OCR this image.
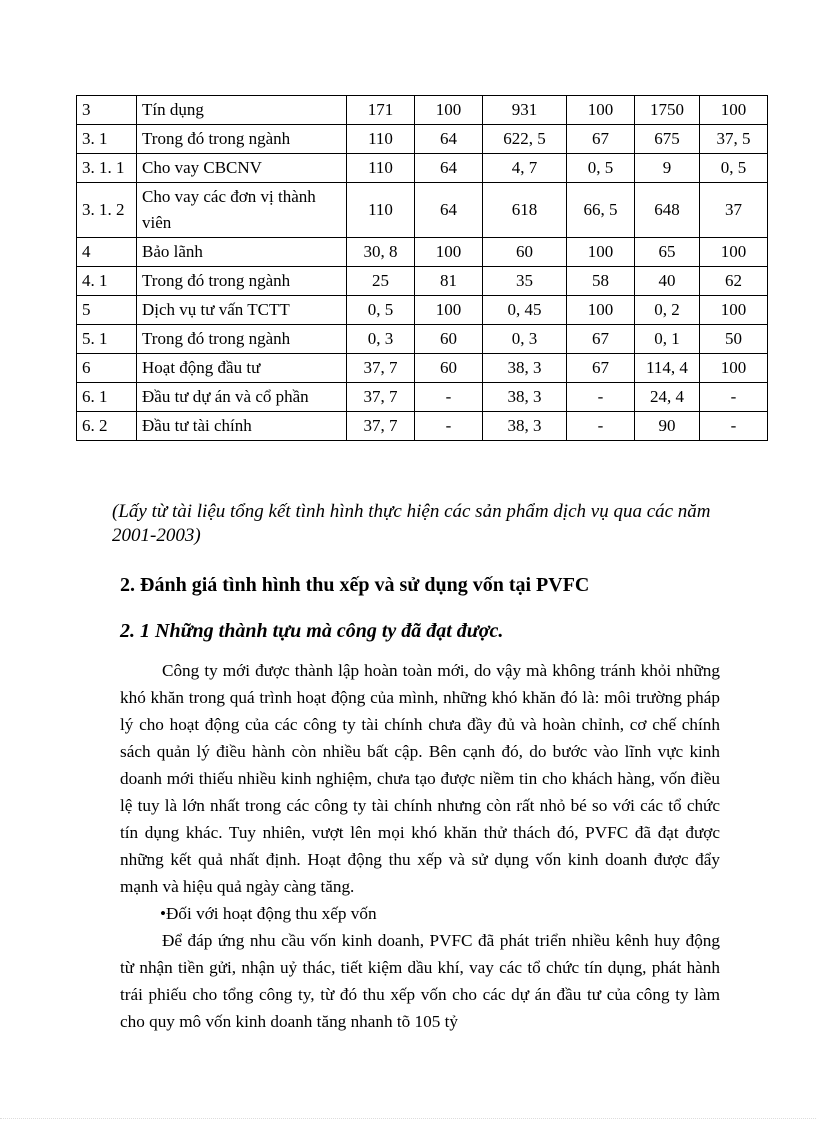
3	Tín dụng	171	100	931	100	1750	100
3. 1	Trong đó trong ngành	110	64	622, 5	67	675	37, 5
3. 1. 1	Cho vay CBCNV	110	64	4, 7	0, 5	9	0, 5
3. 1. 2	Cho vay các đơn vị thành viên	110	64	618	66, 5	648	37
4	Bảo lãnh	30, 8	100	60	100	65	100
4. 1	Trong đó trong ngành	25	81	35	58	40	62
5	Dịch vụ tư vấn TCTT	0, 5	100	0, 45	100	0, 2	100
5. 1	Trong đó trong ngành	0, 3	60	0, 3	67	0, 1	50
6	Hoạt động đầu tư	37, 7	60	38, 3	67	114, 4	100
6. 1	Đầu tư dự án và cổ phần	37, 7	-	38, 3	-	24, 4	-
6. 2	Đầu tư tài chính	37, 7	-	38, 3	-	90	-
(Lấy từ tài liệu tổng kết tình hình thực hiện các sản phẩm dịch vụ qua các năm 2001-2003)
2. Đánh giá tình hình thu xếp và sử dụng vốn tại PVFC
2. 1 Những thành tựu mà công ty đã đạt được.

Công ty mới được thành lập hoàn toàn mới, do vậy mà không tránh khỏi những khó khăn trong quá trình hoạt động của mình, những khó khăn đó là: môi trường pháp lý cho hoạt động của các công ty tài chính chưa đầy đủ và hoàn chỉnh, cơ chế chính sách quản lý điều hành còn nhiều bất cập. Bên cạnh đó, do bước vào lĩnh vực kinh doanh mới thiếu nhiều kinh nghiệm, chưa tạo được niềm tin cho khách hàng, vốn điều lệ tuy là lớn nhất trong các công ty tài chính nhưng còn rất nhỏ bé so với các tổ chức tín dụng khác. Tuy nhiên, vượt lên mọi khó khăn thử thách đó, PVFC đã đạt được những kết quả nhất định. Hoạt động thu xếp và sử dụng vốn kinh doanh được đẩy mạnh và hiệu quả ngày càng tăng.

•Đối với hoạt động thu xếp vốn

Để đáp ứng nhu cầu vốn kinh doanh, PVFC đã phát triển nhiều kênh huy động từ nhận tiền gửi, nhận uỷ thác, tiết kiệm dầu khí, vay các tổ chức tín dụng, phát hành trái phiếu cho tổng công ty, từ đó thu xếp vốn cho các dự án đầu tư của công ty làm cho quy mô vốn kinh doanh tăng nhanh tõ 105 tỷ
